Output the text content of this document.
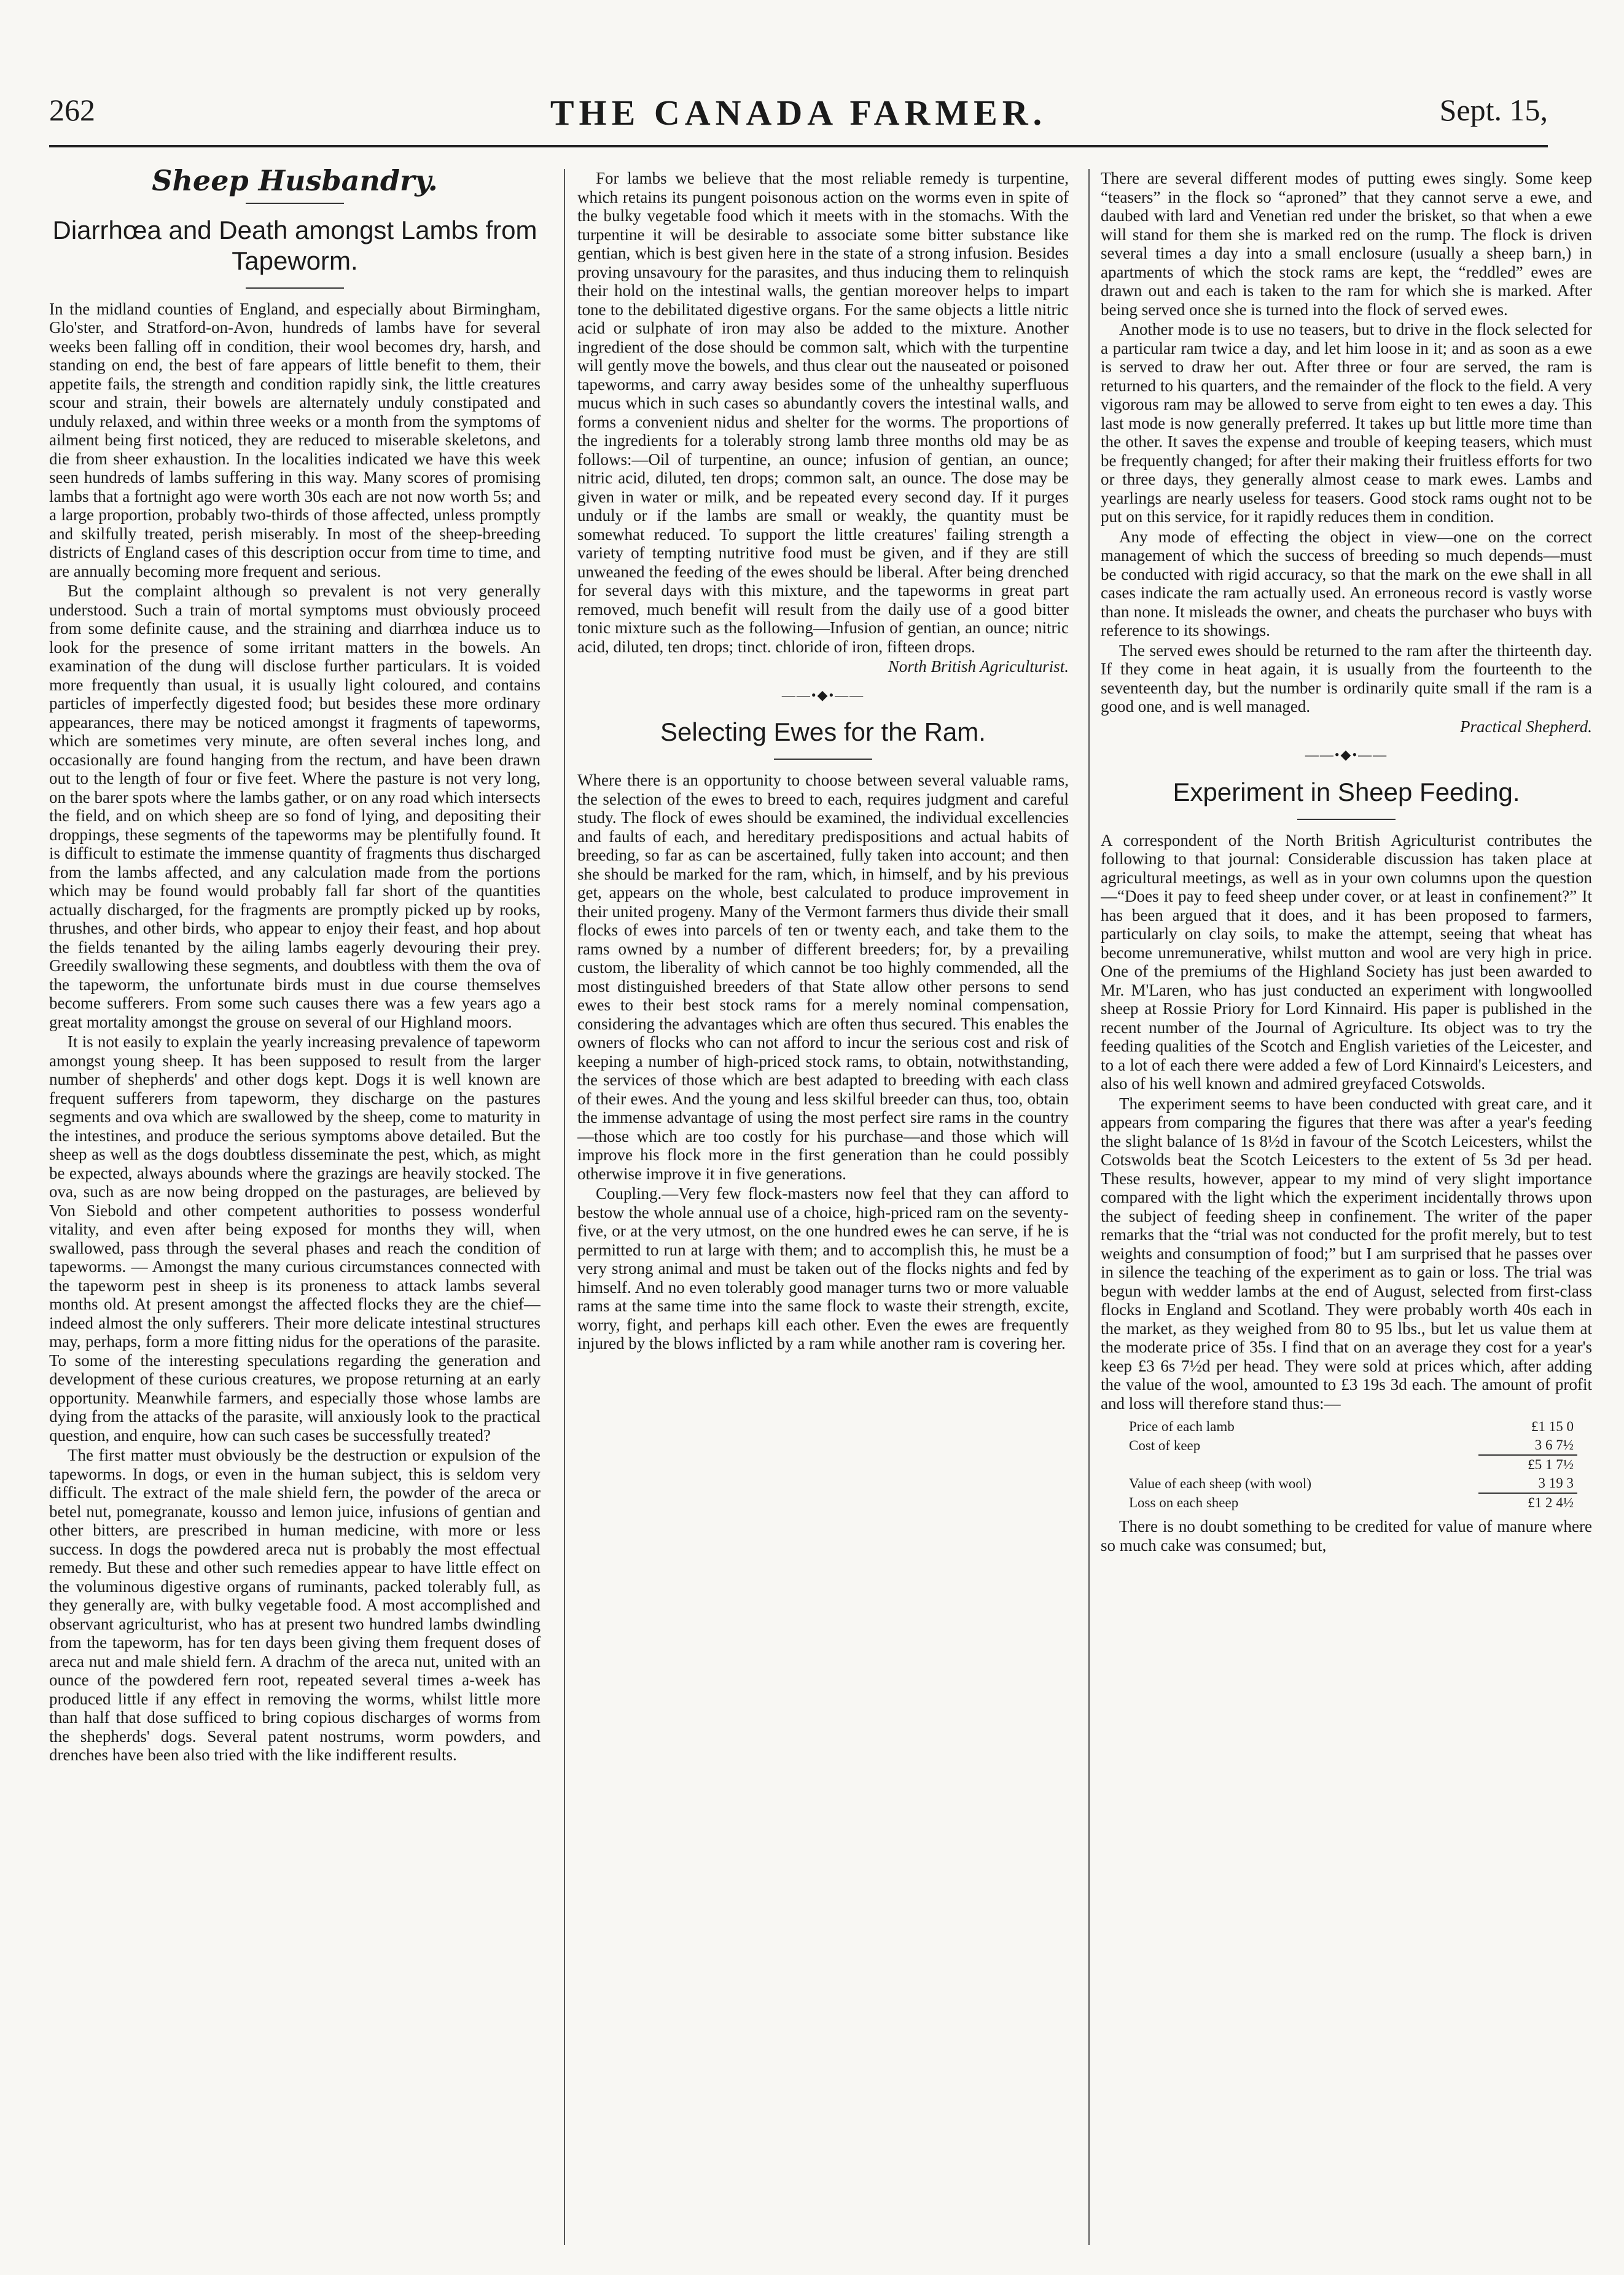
262	THE CANADA FARMER.	Sept. 15,
Sheep Husbandry.
Diarrhœa and Death amongst Lambs from Tapeworm.

In the midland counties of England, and especially about Birmingham, Glo'ster, and Stratford-on-Avon, hundreds of lambs have for several weeks been falling off in condition, their wool becomes dry, harsh, and standing on end, the best of fare appears of little benefit to them, their appetite fails, the strength and condition rapidly sink, the little creatures scour and strain, their bowels are alternately unduly constipated and unduly relaxed, and within three weeks or a month from the symptoms of ailment being first noticed, they are reduced to miserable skeletons, and die from sheer exhaustion. In the localities indicated we have this week seen hundreds of lambs suffering in this way. Many scores of promising lambs that a fortnight ago were worth 30s each are not now worth 5s; and a large proportion, probably two-thirds of those affected, unless promptly and skilfully treated, perish miserably. In most of the sheep-breeding districts of England cases of this description occur from time to time, and are annually becoming more frequent and serious.

But the complaint although so prevalent is not very generally understood. Such a train of mortal symptoms must obviously proceed from some definite cause, and the straining and diarrhœa induce us to look for the presence of some irritant matters in the bowels. An examination of the dung will disclose further particulars. It is voided more frequently than usual, it is usually light coloured, and contains particles of imperfectly digested food; but besides these more ordinary appearances, there may be noticed amongst it fragments of tapeworms, which are sometimes very minute, are often several inches long, and occasionally are found hanging from the rectum, and have been drawn out to the length of four or five feet. Where the pasture is not very long, on the barer spots where the lambs gather, or on any road which intersects the field, and on which sheep are so fond of lying, and depositing their droppings, these segments of the tapeworms may be plentifully found. It is difficult to estimate the immense quantity of fragments thus discharged from the lambs affected, and any calculation made from the portions which may be found would probably fall far short of the quantities actually discharged, for the fragments are promptly picked up by rooks, thrushes, and other birds, who appear to enjoy their feast, and hop about the fields tenanted by the ailing lambs eagerly devouring their prey. Greedily swallowing these segments, and doubtless with them the ova of the tapeworm, the unfortunate birds must in due course themselves become sufferers. From some such causes there was a few years ago a great mortality amongst the grouse on several of our Highland moors.

It is not easily to explain the yearly increasing prevalence of tapeworm amongst young sheep. It has been supposed to result from the larger number of shepherds' and other dogs kept. Dogs it is well known are frequent sufferers from tapeworm, they discharge on the pastures segments and ova which are swallowed by the sheep, come to maturity in the intestines, and produce the serious symptoms above detailed. But the sheep as well as the dogs doubtless disseminate the pest, which, as might be expected, always abounds where the grazings are heavily stocked. The ova, such as are now being dropped on the pasturages, are believed by Von Siebold and other competent authorities to possess wonderful vitality, and even after being exposed for months they will, when swallowed, pass through the several phases and reach the condition of tapeworms. — Amongst the many curious circumstances connected with the tapeworm pest in sheep is its proneness to attack lambs several months old. At present amongst the affected flocks they are the chief—indeed almost the only sufferers. Their more delicate intestinal structures may, perhaps, form a more fitting nidus for the operations of the parasite. To some of the interesting speculations regarding the generation and development of these curious creatures, we propose returning at an early opportunity. Meanwhile farmers, and especially those whose lambs are dying from the attacks of the parasite, will anxiously look to the practical question, and enquire, how can such cases be successfully treated?

The first matter must obviously be the destruction or expulsion of the tapeworms. In dogs, or even in the human subject, this is seldom very difficult. The extract of the male shield fern, the powder of the areca or betel nut, pomegranate, kousso and lemon juice, infusions of gentian and other bitters, are prescribed in human medicine, with more or less success. In dogs the powdered areca nut is probably the most effectual remedy. But these and other such remedies appear to have little effect on the voluminous digestive organs of ruminants, packed tolerably full, as they generally are, with bulky vegetable food. A most accomplished and observant agriculturist, who has at present two hundred lambs dwindling from the tapeworm, has for ten days been giving them frequent doses of areca nut and male shield fern. A drachm of the areca nut, united with an ounce of the powdered fern root, repeated several times a-week has produced little if any effect in removing the worms, whilst little more than half that dose sufficed to bring copious discharges of worms from the shepherds' dogs. Several patent nostrums, worm powders, and drenches have been also tried with the like indifferent results.

For lambs we believe that the most reliable remedy is turpentine, which retains its pungent poisonous action on the worms even in spite of the bulky vegetable food which it meets with in the stomachs. With the turpentine it will be desirable to associate some bitter substance like gentian, which is best given here in the state of a strong infusion. Besides proving unsavoury for the parasites, and thus inducing them to relinquish their hold on the intestinal walls, the gentian moreover helps to impart tone to the debilitated digestive organs. For the same objects a little nitric acid or sulphate of iron may also be added to the mixture. Another ingredient of the dose should be common salt, which with the turpentine will gently move the bowels, and thus clear out the nauseated or poisoned tapeworms, and carry away besides some of the unhealthy superfluous mucus which in such cases so abundantly covers the intestinal walls, and forms a convenient nidus and shelter for the worms. The proportions of the ingredients for a tolerably strong lamb three months old may be as follows:—Oil of turpentine, an ounce; infusion of gentian, an ounce; nitric acid, diluted, ten drops; common salt, an ounce. The dose may be given in water or milk, and be repeated every second day. If it purges unduly or if the lambs are small or weakly, the quantity must be somewhat reduced. To support the little creatures' failing strength a variety of tempting nutritive food must be given, and if they are still unweaned the feeding of the ewes should be liberal. After being drenched for several days with this mixture, and the tapeworms in great part removed, much benefit will result from the daily use of a good bitter tonic mixture such as the following—Infusion of gentian, an ounce; nitric acid, diluted, ten drops; tinct. chloride of iron, fifteen drops.

North British Agriculturist.

——•◆•——
Selecting Ewes for the Ram.

Where there is an opportunity to choose between several valuable rams, the selection of the ewes to breed to each, requires judgment and careful study. The flock of ewes should be examined, the individual excellencies and faults of each, and hereditary predispositions and actual habits of breeding, so far as can be ascertained, fully taken into account; and then she should be marked for the ram, which, in himself, and by his previous get, appears on the whole, best calculated to produce improvement in their united progeny. Many of the Vermont farmers thus divide their small flocks of ewes into parcels of ten or twenty each, and take them to the rams owned by a number of different breeders; for, by a prevailing custom, the liberality of which cannot be too highly commended, all the most distinguished breeders of that State allow other persons to send ewes to their best stock rams for a merely nominal compensation, considering the advantages which are often thus secured. This enables the owners of flocks who can not afford to incur the serious cost and risk of keeping a number of high-priced stock rams, to obtain, notwithstanding, the services of those which are best adapted to breeding with each class of their ewes. And the young and less skilful breeder can thus, too, obtain the immense advantage of using the most perfect sire rams in the country—those which are too costly for his purchase—and those which will improve his flock more in the first generation than he could possibly otherwise improve it in five generations.

Coupling.—Very few flock-masters now feel that they can afford to bestow the whole annual use of a choice, high-priced ram on the seventy-five, or at the very utmost, on the one hundred ewes he can serve, if he is permitted to run at large with them; and to accomplish this, he must be a very strong animal and must be taken out of the flocks nights and fed by himself. And no even tolerably good manager turns two or more valuable rams at the same time into the same flock to waste their strength, excite, worry, fight, and perhaps kill each other. Even the ewes are frequently injured by the blows inflicted by a ram while another ram is covering her.

There are several different modes of putting ewes singly. Some keep “teasers” in the flock so “aproned” that they cannot serve a ewe, and daubed with lard and Venetian red under the brisket, so that when a ewe will stand for them she is marked red on the rump. The flock is driven several times a day into a small enclosure (usually a sheep barn,) in apartments of which the stock rams are kept, the “reddled” ewes are drawn out and each is taken to the ram for which she is marked. After being served once she is turned into the flock of served ewes.

Another mode is to use no teasers, but to drive in the flock selected for a particular ram twice a day, and let him loose in it; and as soon as a ewe is served to draw her out. After three or four are served, the ram is returned to his quarters, and the remainder of the flock to the field. A very vigorous ram may be allowed to serve from eight to ten ewes a day. This last mode is now generally preferred. It takes up but little more time than the other. It saves the expense and trouble of keeping teasers, which must be frequently changed; for after their making their fruitless efforts for two or three days, they generally almost cease to mark ewes. Lambs and yearlings are nearly useless for teasers. Good stock rams ought not to be put on this service, for it rapidly reduces them in condition.

Any mode of effecting the object in view—one on the correct management of which the success of breeding so much depends—must be conducted with rigid accuracy, so that the mark on the ewe shall in all cases indicate the ram actually used. An erroneous record is vastly worse than none. It misleads the owner, and cheats the purchaser who buys with reference to its showings.

The served ewes should be returned to the ram after the thirteenth day. If they come in heat again, it is usually from the fourteenth to the seventeenth day, but the number is ordinarily quite small if the ram is a good one, and is well managed.

Practical Shepherd.

——•◆•——
Experiment in Sheep Feeding.

A correspondent of the North British Agriculturist contributes the following to that journal: Considerable discussion has taken place at agricultural meetings, as well as in your own columns upon the question—“Does it pay to feed sheep under cover, or at least in confinement?” It has been argued that it does, and it has been proposed to farmers, particularly on clay soils, to make the attempt, seeing that wheat has become unremunerative, whilst mutton and wool are very high in price. One of the premiums of the Highland Society has just been awarded to Mr. M'Laren, who has just conducted an experiment with longwoolled sheep at Rossie Priory for Lord Kinnaird. His paper is published in the recent number of the Journal of Agriculture. Its object was to try the feeding qualities of the Scotch and English varieties of the Leicester, and to a lot of each there were added a few of Lord Kinnaird's Leicesters, and also of his well known and admired greyfaced Cotswolds.

The experiment seems to have been conducted with great care, and it appears from comparing the figures that there was after a year's feeding the slight balance of 1s 8½d in favour of the Scotch Leicesters, whilst the Cotswolds beat the Scotch Leicesters to the extent of 5s 3d per head. These results, however, appear to my mind of very slight importance compared with the light which the experiment incidentally throws upon the subject of feeding sheep in confinement. The writer of the paper remarks that the “trial was not conducted for the profit merely, but to test weights and consumption of food;” but I am surprised that he passes over in silence the teaching of the experiment as to gain or loss. The trial was begun with wedder lambs at the end of August, selected from first-class flocks in England and Scotland. They were probably worth 40s each in the market, as they weighed from 80 to 95 lbs., but let us value them at the moderate price of 35s. I find that on an average they cost for a year's keep £3 6s 7½d per head. They were sold at prices which, after adding the value of the wool, amounted to £3 19s 3d each. The amount of profit and loss will therefore stand thus:—

Price of each lamb	£1 15 0
Cost of keep	3 6 7½
	£5 1 7½
Value of each sheep (with wool)	3 19 3
Loss on each sheep	£1 2 4½

There is no doubt something to be credited for value of manure where so much cake was consumed; but,
